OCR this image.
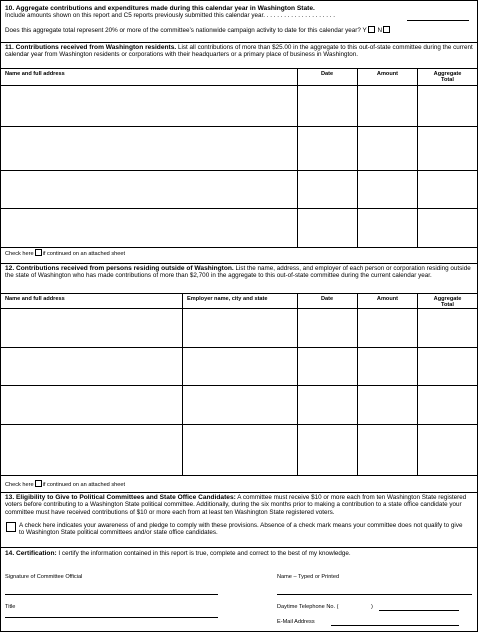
10. Aggregate contributions and expenditures made during this calendar year in Washington State.
Include amounts shown on this report and C5 reports previously submitted this calendar year. . . . . . . . . . . . . . . . . . . . .
Does this aggregate total represent 20% or more of the committee’s nationwide campaign activity to date for this calendar year? Y N
11. Contributions received from Washington residents. List all contributions of more than $25.00 in the aggregate to this out-of-state committee during the current calendar year from Washington residents or corporations with their headquarters or a primary place of business in Washington.
Name and full address	Date	Amount	Aggregate
Total
Check here if continued on an attached sheet
12. Contributions received from persons residing outside of Washington. List the name, address, and employer of each person or corporation residing outside the state of Washington who has made contributions of more than $2,700 in the aggregate to this out-of-state committee during the current calendar year.
Name and full address	Employer name, city and state	Date	Amount	Aggregate
Total
Check here if continued on an attached sheet
13. Eligibility to Give to Political Committees and State Office Candidates: A committee must receive $10 or more each from ten Washington State registered voters before contributing to a Washington State political committee. Additionally, during the six months prior to making a contribution to a state office candidate your committee must have received contributions of $10 or more each from at least ten Washington State registered voters.
A check here indicates your awareness of and pledge to comply with these provisions. Absence of a check mark means your committee does not qualify to give to Washington State political committees and/or state office candidates.
14. Certification: I certify the information contained in this report is true, complete and correct to the best of my knowledge.
Signature of Committee Official	Name – Typed or Printed
Title	Daytime Telephone No. (	)
E-Mail Address
